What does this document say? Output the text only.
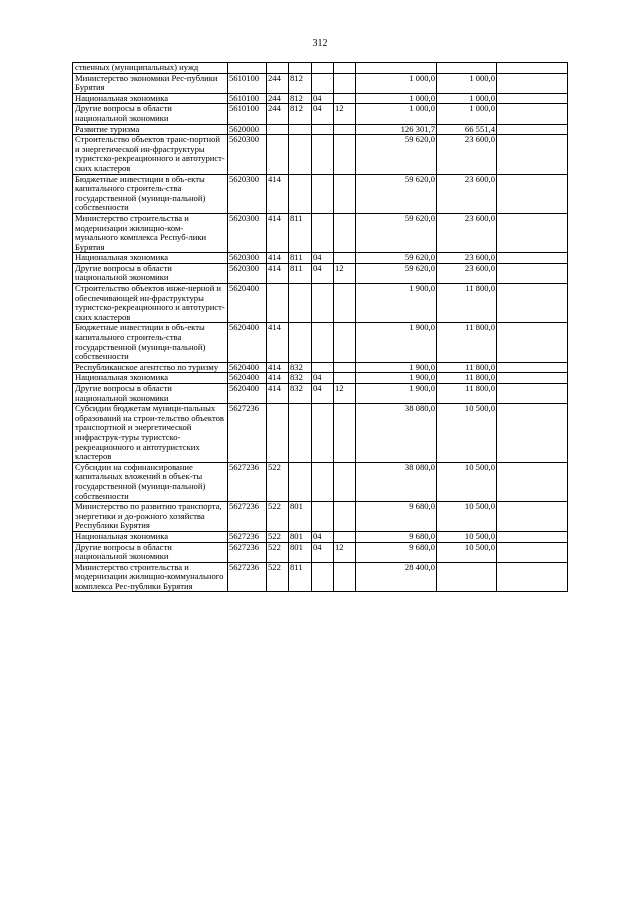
312
ственных (муниципальных) нужд								
Министерство экономики Рес-публики Бурятия	5610100	244	812			1 000,0	1 000,0	
Национальная экономика	5610100	244	812	04		1 000,0	1 000,0	
Другие вопросы в области национальной экономики	5610100	244	812	04	12	1 000,0	1 000,0	
Развитие туризма	5620000					126 301,7	66 551,4	
Строительство объектов транс-портной и энергетической ин-фраструктуры туристско-рекреационного и автотурист-ских кластеров	5620300					59 620,0	23 600,0	
Бюджетные инвестиции в объ-екты капитального строитель-ства государственной (муници-пальной) собственности	5620300	414				59 620,0	23 600,0	
Министерство строительства и модернизации жилищно-ком-мунального комплекса Респуб-лики Бурятия	5620300	414	811			59 620,0	23 600,0	
Национальная экономика	5620300	414	811	04		59 620,0	23 600,0	
Другие вопросы в области национальной экономики	5620300	414	811	04	12	59 620,0	23 600,0	
Строительство объектов инже-нерной и обеспечивающей ин-фраструктуры туристско-рекреационного и автотурист-ских кластеров	5620400					1 900,0	11 800,0	
Бюджетные инвестиции в объ-екты капитального строитель-ства государственной (муници-пальной) собственности	5620400	414				1 900,0	11 800,0	
Республиканское агентство по туризму	5620400	414	832			1 900,0	11 800,0	
Национальная экономика	5620400	414	832	04		1 900,0	11 800,0	
Другие вопросы в области национальной экономики	5620400	414	832	04	12	1 900,0	11 800,0	
Субсидии бюджетам муници-пальных образований на строи-тельство объектов транспортной и энергетической инфраструк-туры туристско-рекреационного и автотуристских кластеров	5627236					38 080,0	10 500,0	
Субсидии на софинансирование капитальных вложений в объек-ты государственной (муници-пальной) собственности	5627236	522				38 080,0	10 500,0	
Министерство по развитию транспорта, энергетики и до-рожного хозяйства Республики Бурятия	5627236	522	801			9 680,0	10 500,0	
Национальная экономика	5627236	522	801	04		9 680,0	10 500,0	
Другие вопросы в области национальной экономики	5627236	522	801	04	12	9 680,0	10 500,0	
Министерство строительства и модернизации жилищно-коммунального комплекса Рес-публики Бурятия	5627236	522	811			28 400,0		
